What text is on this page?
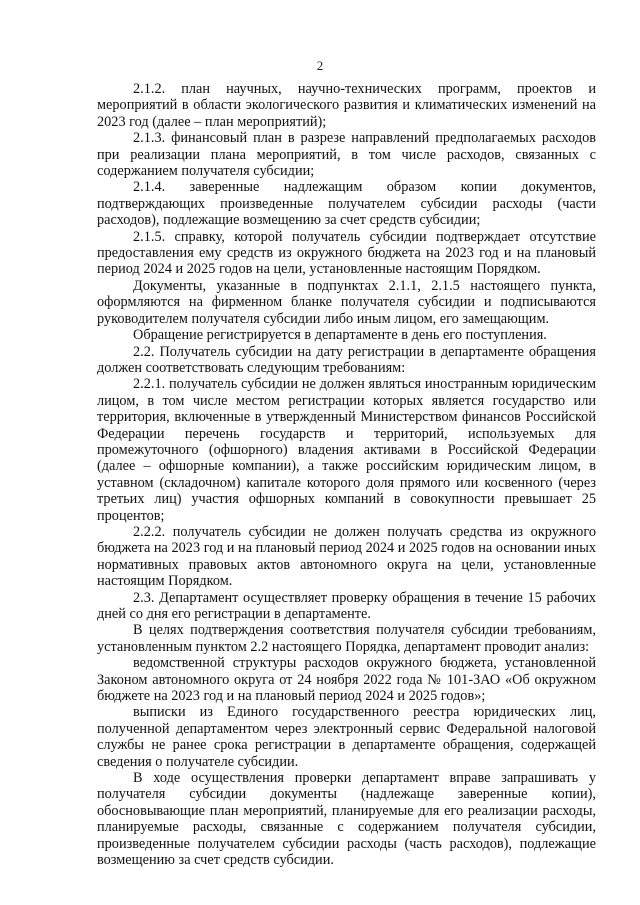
2

2.1.2. план научных, научно-технических программ, проектов и мероприятий в области экологического развития и климатических изменений на 2023 год (далее – план мероприятий);

2.1.3. финансовый план в разрезе направлений предполагаемых расходов при реализации плана мероприятий, в том числе расходов, связанных с содержанием получателя субсидии;

2.1.4. заверенные надлежащим образом копии документов, подтверждающих произведенные получателем субсидии расходы (части расходов), подлежащие возмещению за счет средств субсидии;

2.1.5. справку, которой получатель субсидии подтверждает отсутствие предоставления ему средств из окружного бюджета на 2023 год и на плановый период 2024 и 2025 годов на цели, установленные настоящим Порядком.

Документы, указанные в подпунктах 2.1.1, 2.1.5 настоящего пункта, оформляются на фирменном бланке получателя субсидии и подписываются руководителем получателя субсидии либо иным лицом, его замещающим.

Обращение регистрируется в департаменте в день его поступления.

2.2. Получатель субсидии на дату регистрации в департаменте обращения должен соответствовать следующим требованиям:

2.2.1. получатель субсидии не должен являться иностранным юридическим лицом, в том числе местом регистрации которых является государство или территория, включенные в утвержденный Министерством финансов Российской Федерации перечень государств и территорий, используемых для промежуточного (офшорного) владения активами в Российской Федерации (далее – офшорные компании), а также российским юридическим лицом, в уставном (складочном) капитале которого доля прямого или косвенного (через третьих лиц) участия офшорных компаний в совокупности превышает 25 процентов;

2.2.2. получатель субсидии не должен получать средства из окружного бюджета на 2023 год и на плановый период 2024 и 2025 годов на основании иных нормативных правовых актов автономного округа на цели, установленные настоящим Порядком.

2.3. Департамент осуществляет проверку обращения в течение 15 рабочих дней со дня его регистрации в департаменте.

В целях подтверждения соответствия получателя субсидии требованиям, установленным пунктом 2.2 настоящего Порядка, департамент проводит анализ:

ведомственной структуры расходов окружного бюджета, установленной Законом автономного округа от 24 ноября 2022 года № 101-ЗАО «Об окружном бюджете на 2023 год и на плановый период 2024 и 2025 годов»;

выписки из Единого государственного реестра юридических лиц, полученной департаментом через электронный сервис Федеральной налоговой службы не ранее срока регистрации в департаменте обращения, содержащей сведения о получателе субсидии.

В ходе осуществления проверки департамент вправе запрашивать у получателя субсидии документы (надлежаще заверенные копии), обосновывающие план мероприятий, планируемые для его реализации расходы, планируемые расходы, связанные с содержанием получателя субсидии, произведенные получателем субсидии расходы (часть расходов), подлежащие возмещению за счет средств субсидии.
